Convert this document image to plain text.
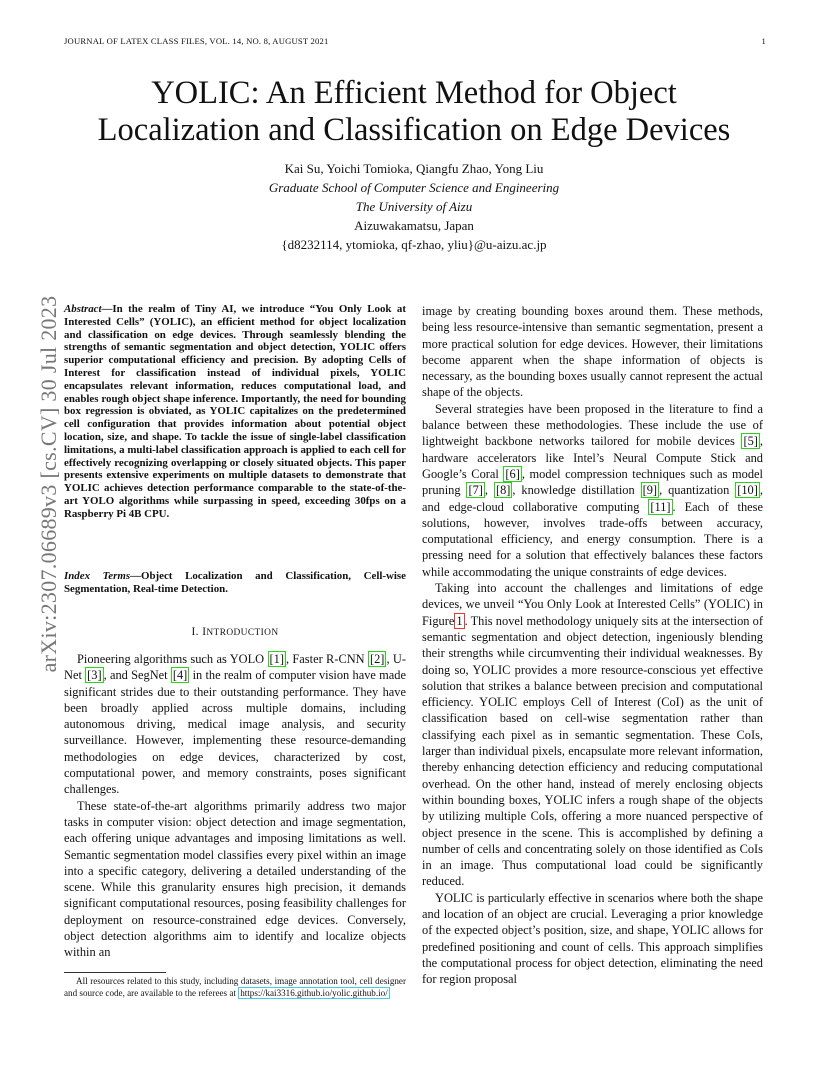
JOURNAL OF LATEX CLASS FILES, VOL. 14, NO. 8, AUGUST 2021	1
arXiv:2307.06689v3 [cs.CV] 30 Jul 2023
YOLIC: An Efficient Method for Object
Localization and Classification on Edge Devices
Kai Su, Yoichi Tomioka, Qiangfu Zhao, Yong Liu
Graduate School of Computer Science and Engineering
The University of Aizu
Aizuwakamatsu, Japan
{d8232114, ytomioka, qf-zhao, yliu}@u-aizu.ac.jp
Abstract—In the realm of Tiny AI, we introduce “You Only Look at Interested Cells” (YOLIC), an efficient method for object localization and classification on edge devices. Through seamlessly blending the strengths of semantic segmentation and object detection, YOLIC offers superior computational efficiency and precision. By adopting Cells of Interest for classification instead of individual pixels, YOLIC encapsulates relevant information, reduces computational load, and enables rough object shape inference. Importantly, the need for bounding box regression is obviated, as YOLIC capitalizes on the predetermined cell configuration that provides information about potential object location, size, and shape. To tackle the issue of single-label classification limitations, a multi-label classification approach is applied to each cell for effectively recognizing overlapping or closely situated objects. This paper presents extensive experiments on multiple datasets to demonstrate that YOLIC achieves detection performance comparable to the state-of-the-art YOLO algorithms while surpassing in speed, exceeding 30fps on a Raspberry Pi 4B CPU.
Index Terms—Object Localization and Classification, Cell-wise Segmentation, Real-time Detection.
I. INTRODUCTION

Pioneering algorithms such as YOLO [1] , Faster R-CNN [2] , U-Net [3] , and SegNet [4] in the realm of computer vision have made significant strides due to their outstanding performance. They have been broadly applied across multiple domains, including autonomous driving, medical image analysis, and security surveillance. However, implementing these resource-demanding methodologies on edge devices, characterized by cost, computational power, and memory constraints, poses significant challenges.

These state-of-the-art algorithms primarily address two major tasks in computer vision: object detection and image segmentation, each offering unique advantages and imposing limitations as well. Semantic segmentation model classifies every pixel within an image into a specific category, delivering a detailed understanding of the scene. While this granularity ensures high precision, it demands significant computational resources, posing feasibility challenges for deployment on resource-constrained edge devices. Conversely, object detection algorithms aim to identify and localize objects within an

All resources related to this study, including datasets, image annotation tool, cell designer and source code, are available to the referees at https://kai3316.github.io/yolic.github.io/

image by creating bounding boxes around them. These methods, being less resource-intensive than semantic segmentation, present a more practical solution for edge devices. However, their limitations become apparent when the shape information of objects is necessary, as the bounding boxes usually cannot represent the actual shape of the objects.

Several strategies have been proposed in the literature to find a balance between these methodologies. These include the use of lightweight backbone networks tailored for mobile devices [5] , hardware accelerators like Intel’s Neural Compute Stick and Google’s Coral [6] , model compression techniques such as model pruning [7] , [8] , knowledge distillation [9] , quantization [10] , and edge-cloud collaborative computing [11] . Each of these solutions, however, involves trade-offs between accuracy, computational efficiency, and energy consumption. There is a pressing need for a solution that effectively balances these factors while accommodating the unique constraints of edge devices.

Taking into account the challenges and limitations of edge devices, we unveil “You Only Look at Interested Cells” (YOLIC) in Figure 1 . This novel methodology uniquely sits at the intersection of semantic segmentation and object detection, ingeniously blending their strengths while circumventing their individual weaknesses. By doing so, YOLIC provides a more resource-conscious yet effective solution that strikes a balance between precision and computational efficiency. YOLIC employs Cell of Interest (CoI) as the unit of classification based on cell-wise segmentation rather than classifying each pixel as in semantic segmentation. These CoIs, larger than individual pixels, encapsulate more relevant information, thereby enhancing detection efficiency and reducing computational overhead. On the other hand, instead of merely enclosing objects within bounding boxes, YOLIC infers a rough shape of the objects by utilizing multiple CoIs, offering a more nuanced perspective of object presence in the scene. This is accomplished by defining a number of cells and concentrating solely on those identified as CoIs in an image. Thus computational load could be significantly reduced.

YOLIC is particularly effective in scenarios where both the shape and location of an object are crucial. Leveraging a prior knowledge of the expected object’s position, size, and shape, YOLIC allows for predefined positioning and count of cells. This approach simplifies the computational process for object detection, eliminating the need for region proposal
